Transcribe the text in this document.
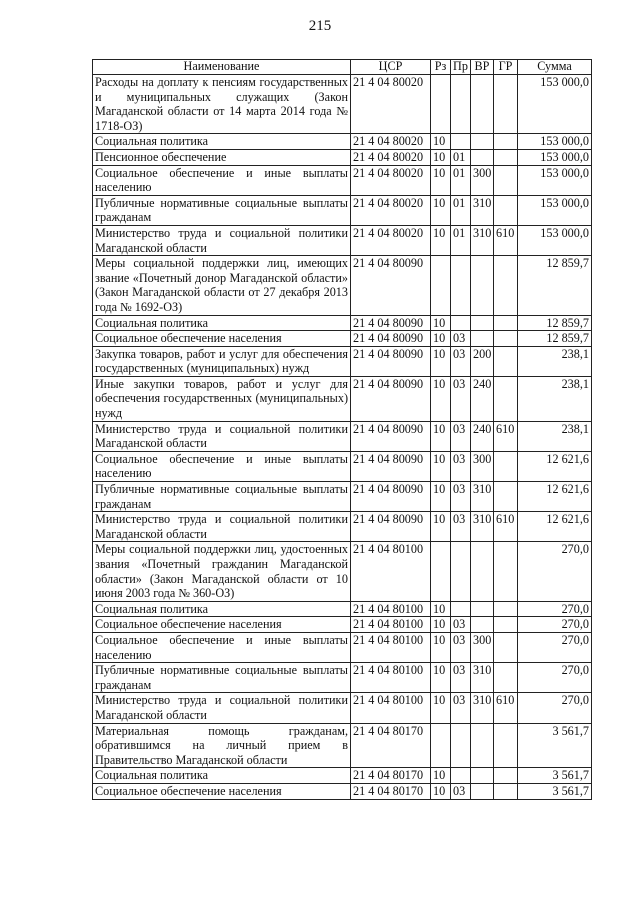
215
Наименование	ЦСР	Рз	Пр	ВР	ГР	Сумма
Расходы на доплату к пенсиям государственных и муниципальных служащих (Закон Магаданской области от 14 марта 2014 года № 1718-ОЗ)	21 4 04 80020					153 000,0
Социальная политика	21 4 04 80020	10				153 000,0
Пенсионное обеспечение	21 4 04 80020	10	01			153 000,0
Социальное обеспечение и иные выплаты населению	21 4 04 80020	10	01	300		153 000,0
Публичные нормативные социальные выплаты гражданам	21 4 04 80020	10	01	310		153 000,0
Министерство труда и социальной политики Магаданской области	21 4 04 80020	10	01	310	610	153 000,0
Меры социальной поддержки лиц, имеющих звание «Почетный донор Магаданской области» (Закон Магаданской области от 27 декабря 2013 года № 1692-ОЗ)	21 4 04 80090					12 859,7
Социальная политика	21 4 04 80090	10				12 859,7
Социальное обеспечение населения	21 4 04 80090	10	03			12 859,7
Закупка товаров, работ и услуг для обеспечения государственных (муниципальных) нужд	21 4 04 80090	10	03	200		238,1
Иные закупки товаров, работ и услуг для обеспечения государственных (муниципальных) нужд	21 4 04 80090	10	03	240		238,1
Министерство труда и социальной политики Магаданской области	21 4 04 80090	10	03	240	610	238,1
Социальное обеспечение и иные выплаты населению	21 4 04 80090	10	03	300		12 621,6
Публичные нормативные социальные выплаты гражданам	21 4 04 80090	10	03	310		12 621,6
Министерство труда и социальной политики Магаданской области	21 4 04 80090	10	03	310	610	12 621,6
Меры социальной поддержки лиц, удостоенных звания «Почетный гражданин Магаданской области» (Закон Магаданской области от 10 июня 2003 года № 360-ОЗ)	21 4 04 80100					270,0
Социальная политика	21 4 04 80100	10				270,0
Социальное обеспечение населения	21 4 04 80100	10	03			270,0
Социальное обеспечение и иные выплаты населению	21 4 04 80100	10	03	300		270,0
Публичные нормативные социальные выплаты гражданам	21 4 04 80100	10	03	310		270,0
Министерство труда и социальной политики Магаданской области	21 4 04 80100	10	03	310	610	270,0
Материальная помощь гражданам, обратившимся на личный прием в Правительство Магаданской области	21 4 04 80170					3 561,7
Социальная политика	21 4 04 80170	10				3 561,7
Социальное обеспечение населения	21 4 04 80170	10	03			3 561,7
